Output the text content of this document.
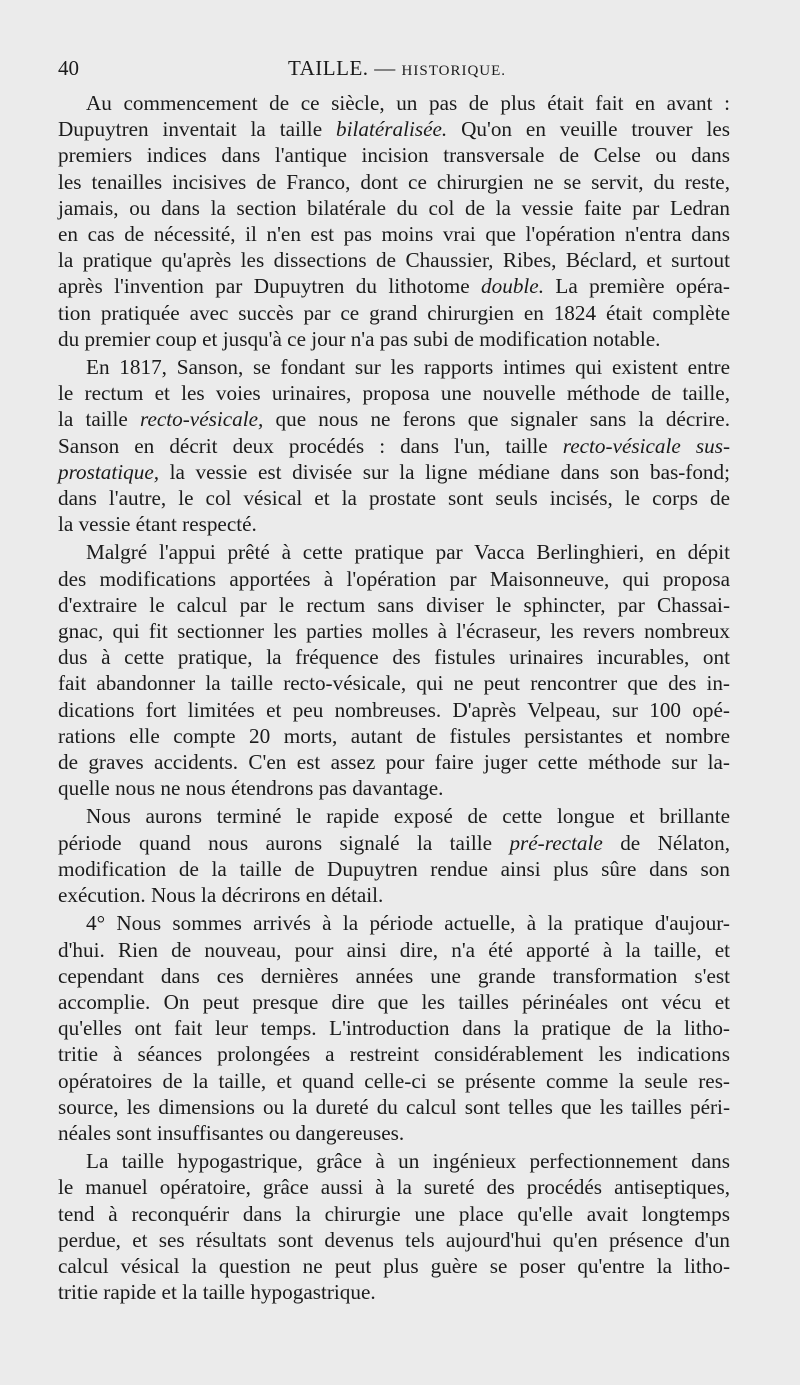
40	TAILLE. — HISTORIQUE.

Au commencement de ce siècle, un pas de plus était fait en avant :
Dupuytren inventait la taille bilatéralisée. Qu'on en veuille trouver les
premiers indices dans l'antique incision transversale de Celse ou dans
les tenailles incisives de Franco, dont ce chirurgien ne se servit, du reste,
jamais, ou dans la section bilatérale du col de la vessie faite par Ledran
en cas de nécessité, il n'en est pas moins vrai que l'opération n'entra dans
la pratique qu'après les dissections de Chaussier, Ribes, Béclard, et surtout
après l'invention par Dupuytren du lithotome double. La première opéra-
tion pratiquée avec succès par ce grand chirurgien en 1824 était complète
du premier coup et jusqu'à ce jour n'a pas subi de modification notable.

En 1817, Sanson, se fondant sur les rapports intimes qui existent entre
le rectum et les voies urinaires, proposa une nouvelle méthode de taille,
la taille recto-vésicale, que nous ne ferons que signaler sans la décrire.
Sanson en décrit deux procédés : dans l'un, taille recto-vésicale sus-
prostatique, la vessie est divisée sur la ligne médiane dans son bas-fond;
dans l'autre, le col vésical et la prostate sont seuls incisés, le corps de
la vessie étant respecté.

Malgré l'appui prêté à cette pratique par Vacca Berlinghieri, en dépit
des modifications apportées à l'opération par Maisonneuve, qui proposa
d'extraire le calcul par le rectum sans diviser le sphincter, par Chassai-
gnac, qui fit sectionner les parties molles à l'écraseur, les revers nombreux
dus à cette pratique, la fréquence des fistules urinaires incurables, ont
fait abandonner la taille recto-vésicale, qui ne peut rencontrer que des in-
dications fort limitées et peu nombreuses. D'après Velpeau, sur 100 opé-
rations elle compte 20 morts, autant de fistules persistantes et nombre
de graves accidents. C'en est assez pour faire juger cette méthode sur la-
quelle nous ne nous étendrons pas davantage.

Nous aurons terminé le rapide exposé de cette longue et brillante
période quand nous aurons signalé la taille pré-rectale de Nélaton,
modification de la taille de Dupuytren rendue ainsi plus sûre dans son
exécution. Nous la décrirons en détail.

4° Nous sommes arrivés à la période actuelle, à la pratique d'aujour-
d'hui. Rien de nouveau, pour ainsi dire, n'a été apporté à la taille, et
cependant dans ces dernières années une grande transformation s'est
accomplie. On peut presque dire que les tailles périnéales ont vécu et
qu'elles ont fait leur temps. L'introduction dans la pratique de la litho-
tritie à séances prolongées a restreint considérablement les indications
opératoires de la taille, et quand celle-ci se présente comme la seule res-
source, les dimensions ou la dureté du calcul sont telles que les tailles péri-
néales sont insuffisantes ou dangereuses.

La taille hypogastrique, grâce à un ingénieux perfectionnement dans
le manuel opératoire, grâce aussi à la sureté des procédés antiseptiques,
tend à reconquérir dans la chirurgie une place qu'elle avait longtemps
perdue, et ses résultats sont devenus tels aujourd'hui qu'en présence d'un
calcul vésical la question ne peut plus guère se poser qu'entre la litho-
tritie rapide et la taille hypogastrique.
